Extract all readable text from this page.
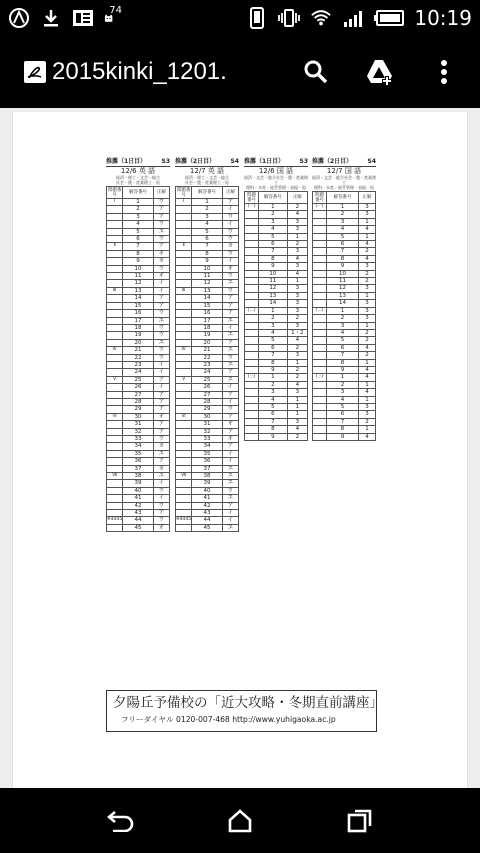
74	10:19
2015kinki_1201.
推薦（1日目）	S3
12/6 英 語
経済・理工・文芸・総合
社会・農・産業理工・短
問題番号	解答番号	正解
Ⅰ	1	ウ
	2	ア
	3	ア
	4	ウ
	5	エ
	6	ウ
Ⅱ	7	ア
	8	キ
	9	カ
	10	ウ
	11	オ
	12	イ
Ⅲ	13	イ
	14	ア
	15	ア
	16	ウ
	17	エ
	18	ウ
	19	ウ
	20	エ
Ⅳ	21	ウ
	22	ウ
	23	イ
	24	イ
Ⅴ	25	ア
	26	イ
	27	ア
	28	ア
	29	ア
Ⅵ	30	オ
	31	ア
	32	ア
	33	ウ
	34	カ
	35	エ
	36	ア
	37	カ
Ⅶ	38	エ
	39	イ
	40	ウ
	41	イ
	42	ウ
	43	ア
※4445	44	ウ
	45	オ
推薦（2日目）	S4
12/7 英 語
経済・理工・文芸・総合
社会・農・産業理工・短
問題番号	解答番号	正解
Ⅰ	1	ア
	2	イ
	3	ウ
	4	イ
	5	ウ
	6	ウ
Ⅱ	7	カ
	8	ウ
	9	イ
	10	オ
	11	ウ
	12	エ
Ⅲ	13	ウ
	14	ア
	15	ア
	16	ア
	17	エ
	18	イ
	19	エ
	20	ア
Ⅳ	21	エ
	22	ウ
	23	エ
	24	ア
Ⅴ	25	エ
	26	イ
	27	ア
	28	イ
	29	ウ
Ⅵ	30	ア
	31	オ
	32	ア
	33	オ
	34	ア
	35	イ
	36	イ
	37	エ
Ⅶ	38	エ
	39	エ
	40	ウ
	41	エ
	42	ア
	43	イ
※4445	44	イ
	45	エ
推薦（1日目）	S3
12/6 国 語
経済・文芸・総合社会・農・産業理工
理科・水産・経営管理・表現・短
問題番号	解答番号	正解
(一)	1	2
	2	4
	3	3
	4	3
	5	1
	6	2
	7	3
	8	4
	9	3
	10	4
	11	1
	12	3
	13	3
	14	3
(二)	1	3
	2	2
	3	3
	4	1・2
	5	4
	6	2
	7	3
	8	1
	9	2
(三)	1	2
	2	4
	3	3
	4	1
	5	1
	6	1
	7	3
	8	4
	9	2
推薦（2日目）	S4
12/7 国 語
経済・文芸・総合社会・農・産業理工
理科・水産・経営管理・表現・短
問題番号	解答番号	正解
(一)	1	3
	2	3
	3	1
	4	4
	5	1
	6	4
	7	2
	8	4
	9	3
	10	2
	11	2
	12	3
	13	1
	14	3
(二)	1	3
	2	3
	3	1
	4	2
	5	2
	6	4
	7	2
	8	1
	9	4
(三)	1	4
	2	1
	3	4
	4	1
	5	3
	6	3
	7	2
	8	1
	9	4
夕陽丘予備校の「近大攻略・冬期直前講座」
フリーダイヤル 0120-007-468 http://www.yuhigaoka.ac.jp
